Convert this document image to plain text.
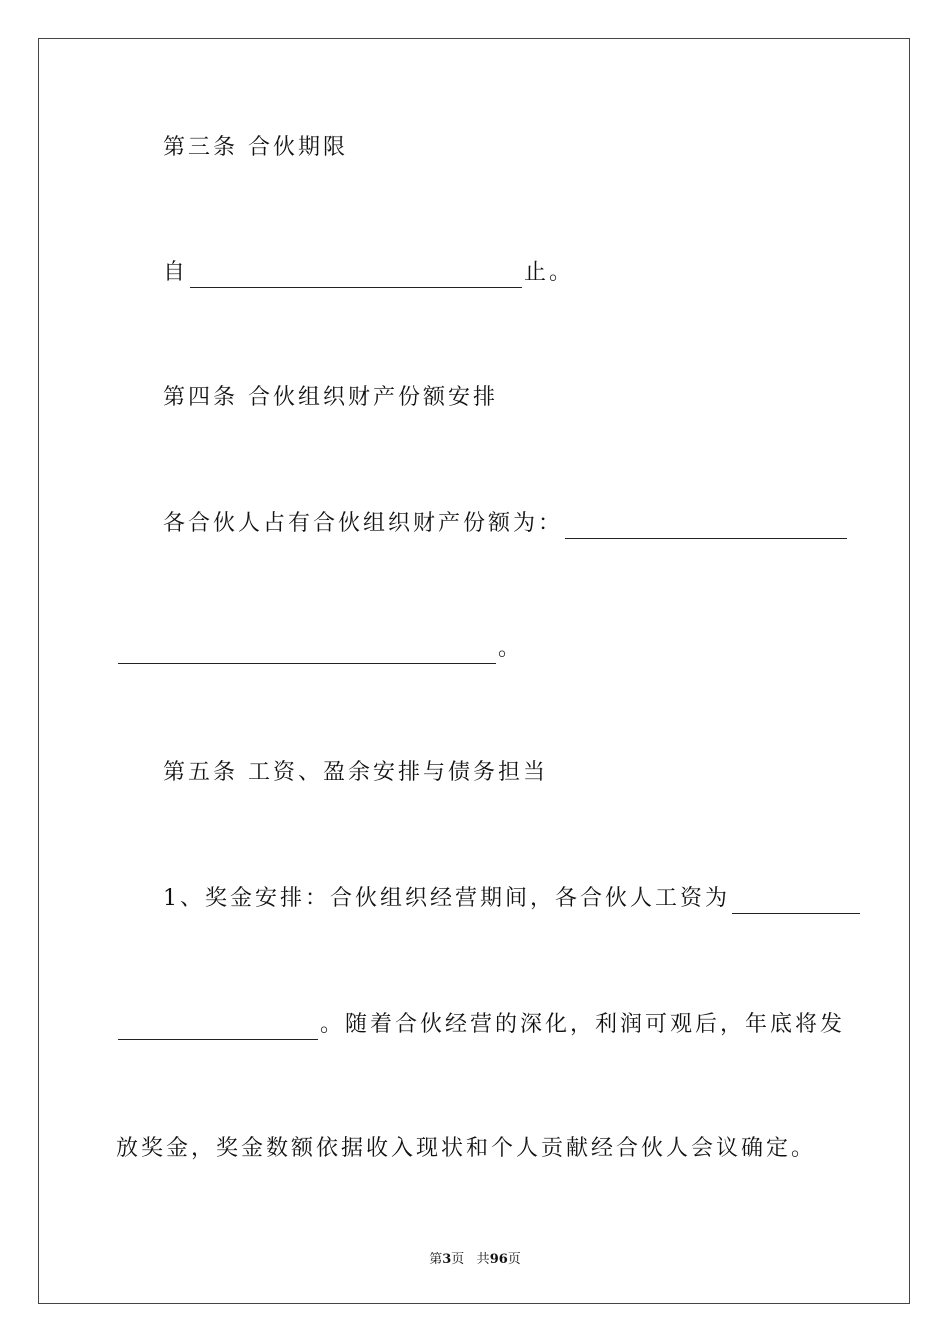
第三条 合伙期限
自	止。
第四条 合伙组织财产份额安排
各合伙人占有合伙组织财产份额为：
。
第五条 工资、盈余安排与债务担当
1、奖金安排：合伙组织经营期间，各合伙人工资为
。随着合伙经营的深化，利润可观后，年底将发
放奖金，奖金数额依据收入现状和个人贡献经合伙人会议确定。
第3页 共96页
